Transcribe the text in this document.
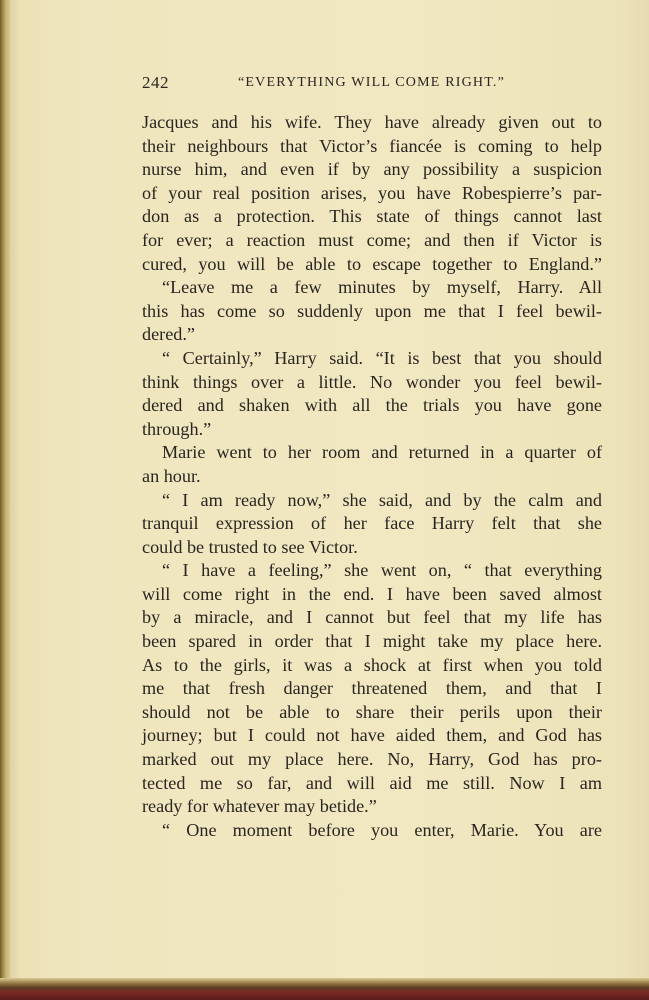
242	“EVERYTHING WILL COME RIGHT.”
Jacques and his wife. They have already given out to
their neighbours that Victor’s fiancée is coming to help
nurse him, and even if by any possibility a suspicion
of your real position arises, you have Robespierre’s par-
don as a protection. This state of things cannot last
for ever; a reaction must come; and then if Victor is
cured, you will be able to escape together to England.”
“Leave me a few minutes by myself, Harry. All
this has come so suddenly upon me that I feel bewil-
dered.”
“ Certainly,” Harry said. “It is best that you should
think things over a little. No wonder you feel bewil-
dered and shaken with all the trials you have gone
through.”
Marie went to her room and returned in a quarter of
an hour.
“ I am ready now,” she said, and by the calm and
tranquil expression of her face Harry felt that she
could be trusted to see Victor.
“ I have a feeling,” she went on, “ that everything
will come right in the end. I have been saved almost
by a miracle, and I cannot but feel that my life has
been spared in order that I might take my place here.
As to the girls, it was a shock at first when you told
me that fresh danger threatened them, and that I
should not be able to share their perils upon their
journey; but I could not have aided them, and God has
marked out my place here. No, Harry, God has pro-
tected me so far, and will aid me still. Now I am
ready for whatever may betide.”
“ One moment before you enter, Marie. You are
